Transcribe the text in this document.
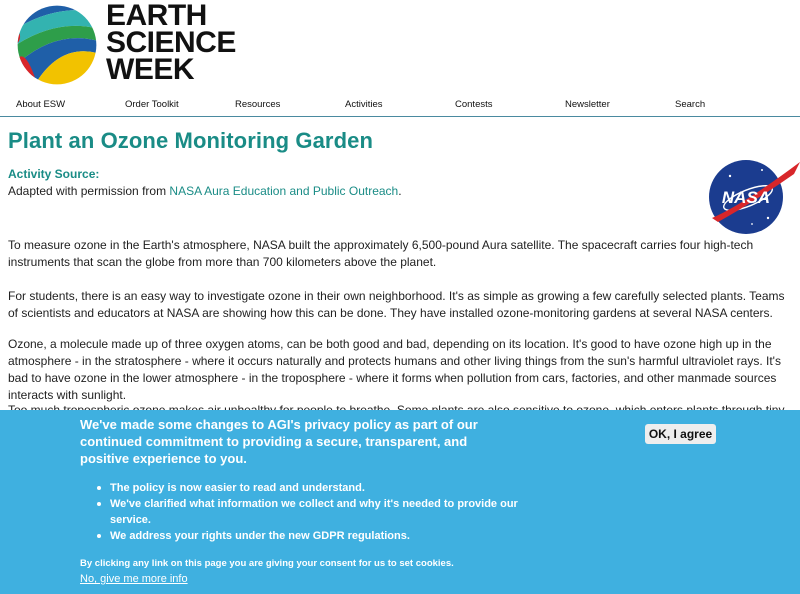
EARTH
SCIENCE
WEEK
About ESW	Order Toolkit	Resources	Activities	Contests	Newsletter	Search
Plant an Ozone Monitoring Garden

Activity Source:

Adapted with permission from NASA Aura Education and Public Outreach.	NASA

To measure ozone in the Earth's atmosphere, NASA built the approximately 6,500-pound Aura satellite. The spacecraft carries four high-tech instruments that scan the globe from more than 700 kilometers above the planet.

For students, there is an easy way to investigate ozone in their own neighborhood. It's as simple as growing a few carefully selected plants. Teams of scientists and educators at NASA are showing how this can be done. They have installed ozone-monitoring gardens at several NASA centers.

Ozone, a molecule made up of three oxygen atoms, can be both good and bad, depending on its location. It's good to have ozone high up in the atmosphere - in the stratosphere - where it occurs naturally and protects humans and other living things from the sun's harmful ultraviolet rays. It's bad to have ozone in the lower atmosphere - in the troposphere - where it forms when pollution from cars, factories, and other manmade sources interacts with sunlight.

We've made some changes to AGI's privacy policy as part of our continued commitment to providing a secure, transparent, and positive experience to you.
The policy is now easier to read and understand.
We've clarified what information we collect and why it's needed to provide our service.
We address your rights under the new GDPR regulations.
By clicking any link on this page you are giving your consent for us to set cookies.
No, give me more info
OK, I agree
